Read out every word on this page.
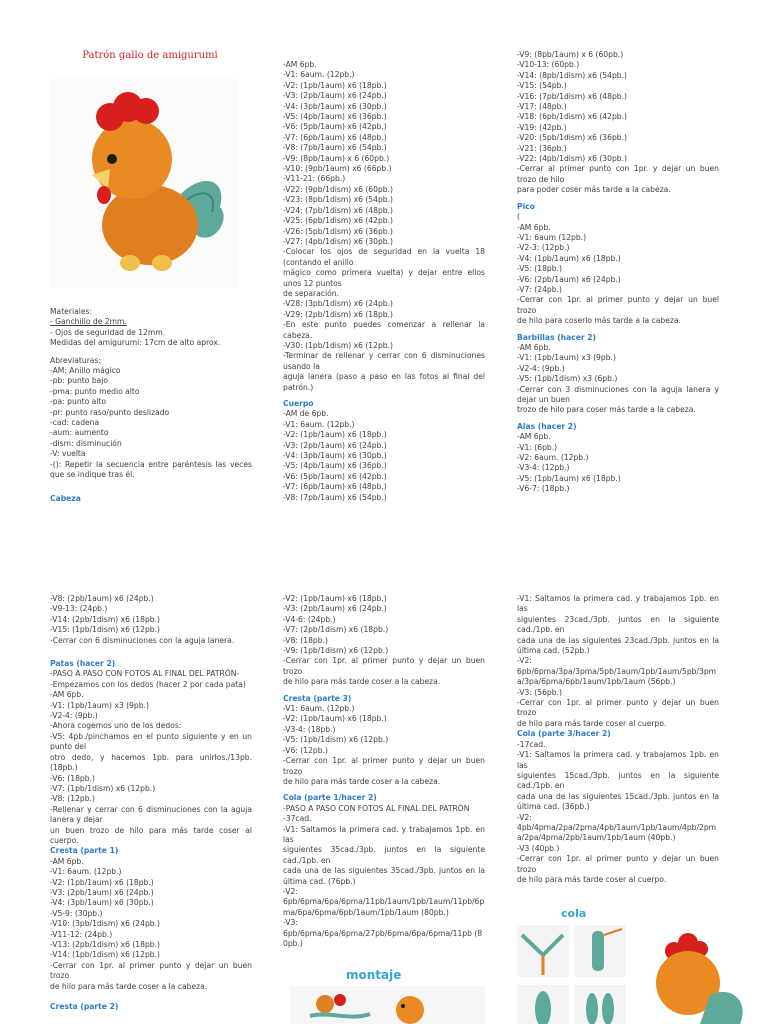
Patrón gallo de amigurumi

Materiales:

- Ganchillo de 2mm.

- Ojos de seguridad de 12mm.

Medidas del amigurumi: 17cm de alto aprox.

Abreviaturas:

-AM: Anillo mágico

-pb: punto bajo

-pma: punto medio alto

-pa: punto alto

-pr: punto raso/punto deslizado

-cad: cadena

-aum: aumento

-dism: disminución

-V: vuelta

-(): Repetir la secuencia entre paréntesis las veces que se indique tras él.

Cabeza

-AM 6pb.
-V1: 6aum. (12pb.)
-V2: (1pb/1aum) x6 (18pb.)
-V3: (2pb/1aum) x6 (24pb.)
-V4: (3pb/1aum) x6 (30pb.)
-V5: (4pb/1aum) x6 (36pb.)
-V6: (5pb/1aum) x6 (42pb.)
-V7: (6pb/1aum) x6 (48pb.)
-V8: (7pb/1aum) x6 (54pb.)
-V9: (8pb/1aum) x 6 (60pb.)
-V10: (9pb/1aum) x6 (66pb.)
-V11-21: (66pb.)
-V22: (9pb/1dism) x6 (60pb.)
-V23: (8pb/1dism) x6 (54pb.)
-V24: (7pb/1dism) x6 (48pb.)
-V25: (6pb/1dism) x6 (42pb.)
-V26: (5pb/1dism) x6 (36pb.)
-V27: (4pb/1dism) x6 (30pb.)

-Colocar los ojos de seguridad en la vuelta 18 (contando el anillo
mágico como primera vuelta) y dejar entre ellos unos 12 puntos
de separación.

-V28: (3pb/1dism) x6 (24pb.)
-V29: (2pb/1dism) x6 (18pb.)

-En este punto puedes comenzar a rellenar la cabeza.

-V30: (1pb/1dism) x6 (12pb.)

-Terminar de rellenar y cerrar con 6 disminuciones usando la
aguja lanera (paso a paso en las fotos al final del patrón.)

Cuerpo

-AM de 6pb.
-V1: 6aum. (12pb.)
-V2: (1pb/1aum) x6 (18pb.)
-V3: (2pb/1aum) x6 (24pb.)
-V4: (3pb/1aum) x6 (30pb.)
-V5: (4pb/1aum) x6 (36pb.)
-V6: (5pb/1aum) x6 (42pb.)
-V7: (6pb/1aum) x6 (48pb.)
-V8: (7pb/1aum) x6 (54pb.)

-V9: (8pb/1aum) x 6 (60pb.)
-V10-13: (60pb.)
-V14: (8pb/1dism) x6 (54pb.)
-V15: (54pb.)
-V16: (7pb/1dism) x6 (48pb.)
-V17: (48pb.)
-V18: (6pb/1dism) x6 (42pb.)
-V19: (42pb.)
-V20: (5pb/1dism) x6 (36pb.)
-V21: (36pb.)
-V22: (4pb/1dism) x6 (30pb.)

-Cerrar al primer punto con 1pr. y dejar un buen trozo de hilo
para poder coser más tarde a la cabeza.

Pico

(

-AM 6pb.
-V1: 6aum (12pb.)
-V2-3: (12pb.)
-V4: (1pb/1aum) x6 (18pb.)
-V5: (18pb.)
-V6: (2pb/1aum) x6 (24pb.)
-V7: (24pb.)

-Cerrar con 1pr. al primer punto y dejar un buel trozo
de hilo para coserlo más tarde a la cabeza.

Barbillas (hacer 2)

-AM 6pb.
-V1: (1pb/1aum) x3 (9pb.)
-V2-4: (9pb.)
-V5: (1pb/1dism) x3 (6pb.)

-Cerrar con 3 disminuciones con la aguja lanera y dejar un buen
trozo de hilo para coser más tarde a la cabeza.

Alas (hacer 2)

-AM 6pb.
-V1: (6pb.)
-V2: 6aum. (12pb.)
-V3-4: (12pb.)
-V5: (1pb/1aum) x6 (18pb.)
-V6-7: (18pb.)

-V8: (2pb/1aum) x6 (24pb.)
-V9-13: (24pb.)
-V14: (2pb/1dism) x6 (18pb.)
-V15: (1pb/1dism) x6 (12pb.)
-Cerrar con 6 disminuciones con la aguja lanera.

Patas (hacer 2)

-PASO A PASO CON FOTOS AL FINAL DEL PATRÓN-

-Empezamos con los dedos (hacer 2 por cada pata)
-AM 6pb.
-V1: (1pb/1aum) x3 (9pb.)
-V2-4: (9pb.)
-Ahora cogemos uno de los dedos:

-V5: 4pb./pinchamos en el punto siguiente y en un punto del
otro dedo, y hacemos 1pb. para unirlos./13pb. (18pb.)

-V6: (18pb.)
-V7: (1pb/1dism) x6 (12pb.)
-V8: (12pb.)

-Rellenar y cerrar con 6 disminuciones con la aguja lanera y dejar
un buen trozo de hilo para más tarde coser al cuerpo.

Cresta (parte 1)

-AM 6pb.
-V1: 6aum. (12pb.)
-V2: (1pb/1aum) x6 (18pb.)
-V3: (2pb/1aum) x6 (24pb.)
-V4: (3pb/1aum) x6 (30pb.)
-V5-9: (30pb.)
-V10: (3pb/1dism) x6 (24pb.)
-V11-12: (24pb.)
-V13: (2pb/1dism) x6 (18pb.)
-V14: (1pb/1dism) x6 (12pb.)

-Cerrar con 1pr. al primer punto y dejar un buen trozo
de hilo para más tarde coser a la cabeza.

Cresta (parte 2)

-V2: (1pb/1aum) x6 (18pb.)
-V3: (2pb/1aum) x6 (24pb.)
-V4-6: (24pb.)
-V7: (2pb/1dism) x6 (18pb.)
-V8: (18pb.)
-V9: (1pb/1dism) x6 (12pb.)

-Cerrar con 1pr. al primer punto y dejar un buen trozo
de hilo para más tarde coser a la cabeza.

Cresta (parte 3)

-V1: 6aum. (12pb.)
-V2: (1pb/1aum) x6 (18pb.)
-V3-4: (18pb.)
-V5: (1pb/1dism) x6 (12pb.)
-V6: (12pb.)

-Cerrar con 1pr. al primer punto y dejar un buen trozo
de hilo para más tarde coser a la cabeza.

Cola (parte 1/hacer 2)

-PASO A PASO CON FOTOS AL FINAL DEL PATRÓN

-37cad.

-V1: Saltamos la primera cad. y trabajamos 1pb. en las
siguientes 35cad./3pb. juntos en la siguiente cad./1pb. en
cada una de las siguientes 35cad./3pb. juntos en la última cad. (76pb.)

-V2:
6pb/6pma/6pa/6pma/11pb/1aum/1pb/1aum/11pb/6pma/6pa/6pma/6pb/1aum/1pb/1aum (80pb.)
-V3:
6pb/6pma/6pa/6pma/27pb/6pma/6pa/6pma/11pb (80pb.)

montaje

-V1: Saltamos la primera cad. y trabajamos 1pb. en las
siguientes 23cad./3pb. juntos en la siguiente cad./1pb. en
cada una de las siguientes 23cad./3pb. juntos en la última cad. (52pb.)

-V2:
6pb/6pma/3pa/3pma/5pb/1aum/1pb/1aum/5pb/3pma/3pa/6pma/6pb/1aum/1pb/1aum (56pb.)
-V3: (56pb.)

-Cerrar con 1pr. al primer punto y dejar un buen trozo
de hilo para más tarde coser al cuerpo.

Cola (parte 3/hacer 2)

-17cad.

-V1: Saltamos la primera cad. y trabajamos 1pb. en las
siguientes 15cad./3pb. juntos en la siguiente cad./1pb. en
cada una de las siguientes 15cad./3pb. juntos en la última cad. (36pb.)

-V2:
4pb/4pma/2pa/2pma/4pb/1aum/1pb/1aum/4pb/2pma/2pa/4pma/2pb/1aum/1pb/1aum (40pb.)
-V3 (40pb.)

-Cerrar con 1pr. al primer punto y dejar un buen trozo
de hilo para más tarde coser al cuerpo.

cola
